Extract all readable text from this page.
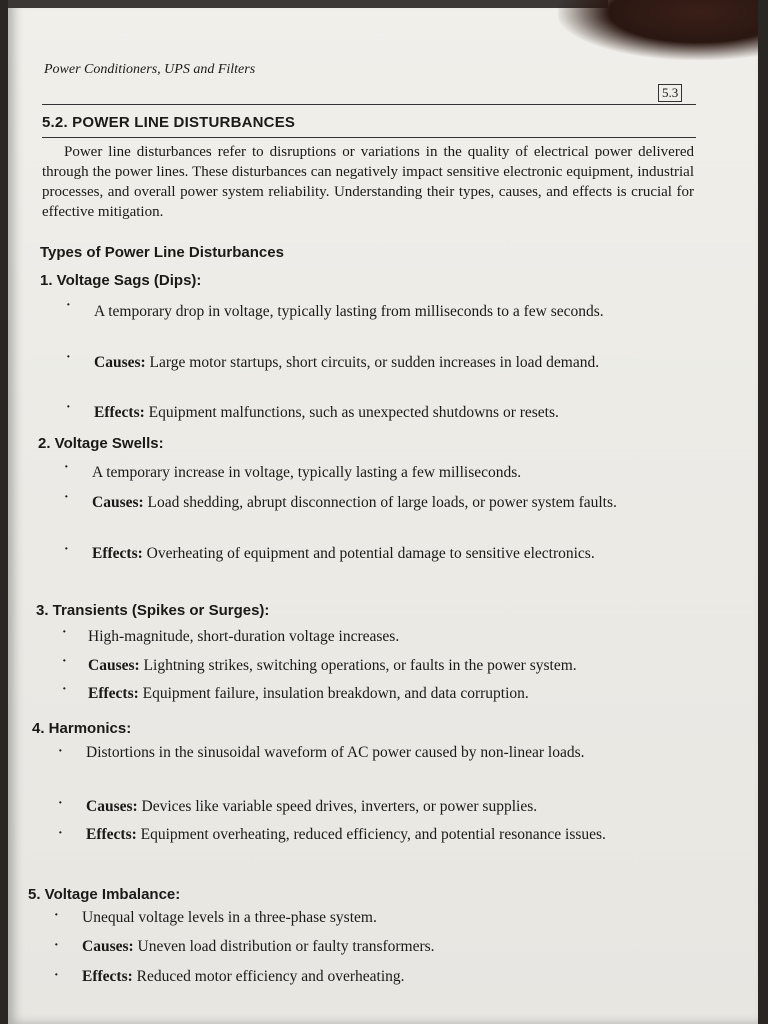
Power Conditioners, UPS and Filters
5.3
5.2. POWER LINE DISTURBANCES
Power line disturbances refer to disruptions or variations in the quality of electrical power delivered through the power lines. These disturbances can negatively impact sensitive electronic equipment, industrial processes, and overall power system reliability. Understanding their types, causes, and effects is crucial for effective mitigation.
Types of Power Line Disturbances
1. Voltage Sags (Dips):
· A temporary drop in voltage, typically lasting from milliseconds to a few seconds.
· Causes: Large motor startups, short circuits, or sudden increases in load demand.
· Effects: Equipment malfunctions, such as unexpected shutdowns or resets.
2. Voltage Swells:
· A temporary increase in voltage, typically lasting a few milliseconds.
· Causes: Load shedding, abrupt disconnection of large loads, or power system faults.
· Effects: Overheating of equipment and potential damage to sensitive electronics.
3. Transients (Spikes or Surges):
· High-magnitude, short-duration voltage increases.
· Causes: Lightning strikes, switching operations, or faults in the power system.
· Effects: Equipment failure, insulation breakdown, and data corruption.
4. Harmonics:
· Distortions in the sinusoidal waveform of AC power caused by non-linear loads.
· Causes: Devices like variable speed drives, inverters, or power supplies.
· Effects: Equipment overheating, reduced efficiency, and potential resonance issues.
5. Voltage Imbalance:
· Unequal voltage levels in a three-phase system.
· Causes: Uneven load distribution or faulty transformers.
· Effects: Reduced motor efficiency and overheating.
